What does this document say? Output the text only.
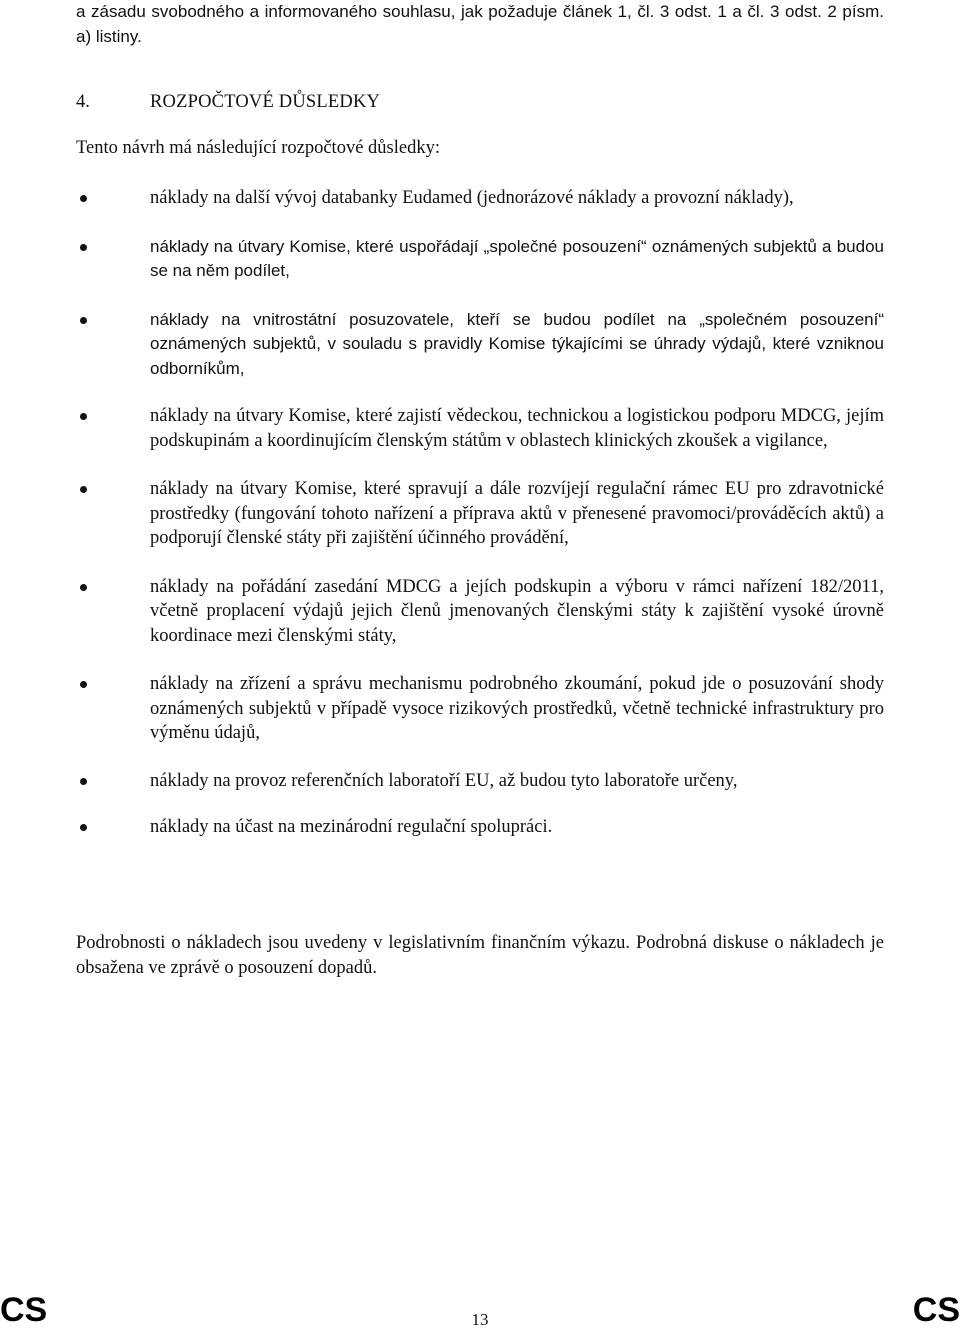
a zásadu svobodného a informovaného souhlasu, jak požaduje článek 1, čl. 3 odst. 1 a čl. 3 odst. 2 písm. a) listiny.

4.	ROZPOČTOVÉ DŮSLEDKY

Tento návrh má následující rozpočtové důsledky:

náklady na další vývoj databanky Eudamed (jednorázové náklady a provozní náklady),
náklady na útvary Komise, které uspořádají „společné posouzení“ oznámených subjektů a budou se na něm podílet,
náklady na vnitrostátní posuzovatele, kteří se budou podílet na „společném posouzení“ oznámených subjektů, v souladu s pravidly Komise týkajícími se úhrady výdajů, které vzniknou odborníkům,
náklady na útvary Komise, které zajistí vědeckou, technickou a logistickou podporu MDCG, jejím podskupinám a koordinujícím členským státům v oblastech klinických zkoušek a vigilance,
náklady na útvary Komise, které spravují a dále rozvíjejí regulační rámec EU pro zdravotnické prostředky (fungování tohoto nařízení a příprava aktů v přenesené pravomoci/prováděcích aktů) a podporují členské státy při zajištění účinného provádění,
náklady na pořádání zasedání MDCG a jejích podskupin a výboru v rámci nařízení 182/2011, včetně proplacení výdajů jejich členů jmenovaných členskými státy k zajištění vysoké úrovně koordinace mezi členskými státy,
náklady na zřízení a správu mechanismu podrobného zkoumání, pokud jde o posuzování shody oznámených subjektů v případě vysoce rizikových prostředků, včetně technické infrastruktury pro výměnu údajů,
náklady na provoz referenčních laboratoří EU, až budou tyto laboratoře určeny,
náklady na účast na mezinárodní regulační spolupráci.

Podrobnosti o nákladech jsou uvedeny v legislativním finančním výkazu. Podrobná diskuse o nákladech je obsažena ve zprávě o posouzení dopadů.

CS	13	CS
